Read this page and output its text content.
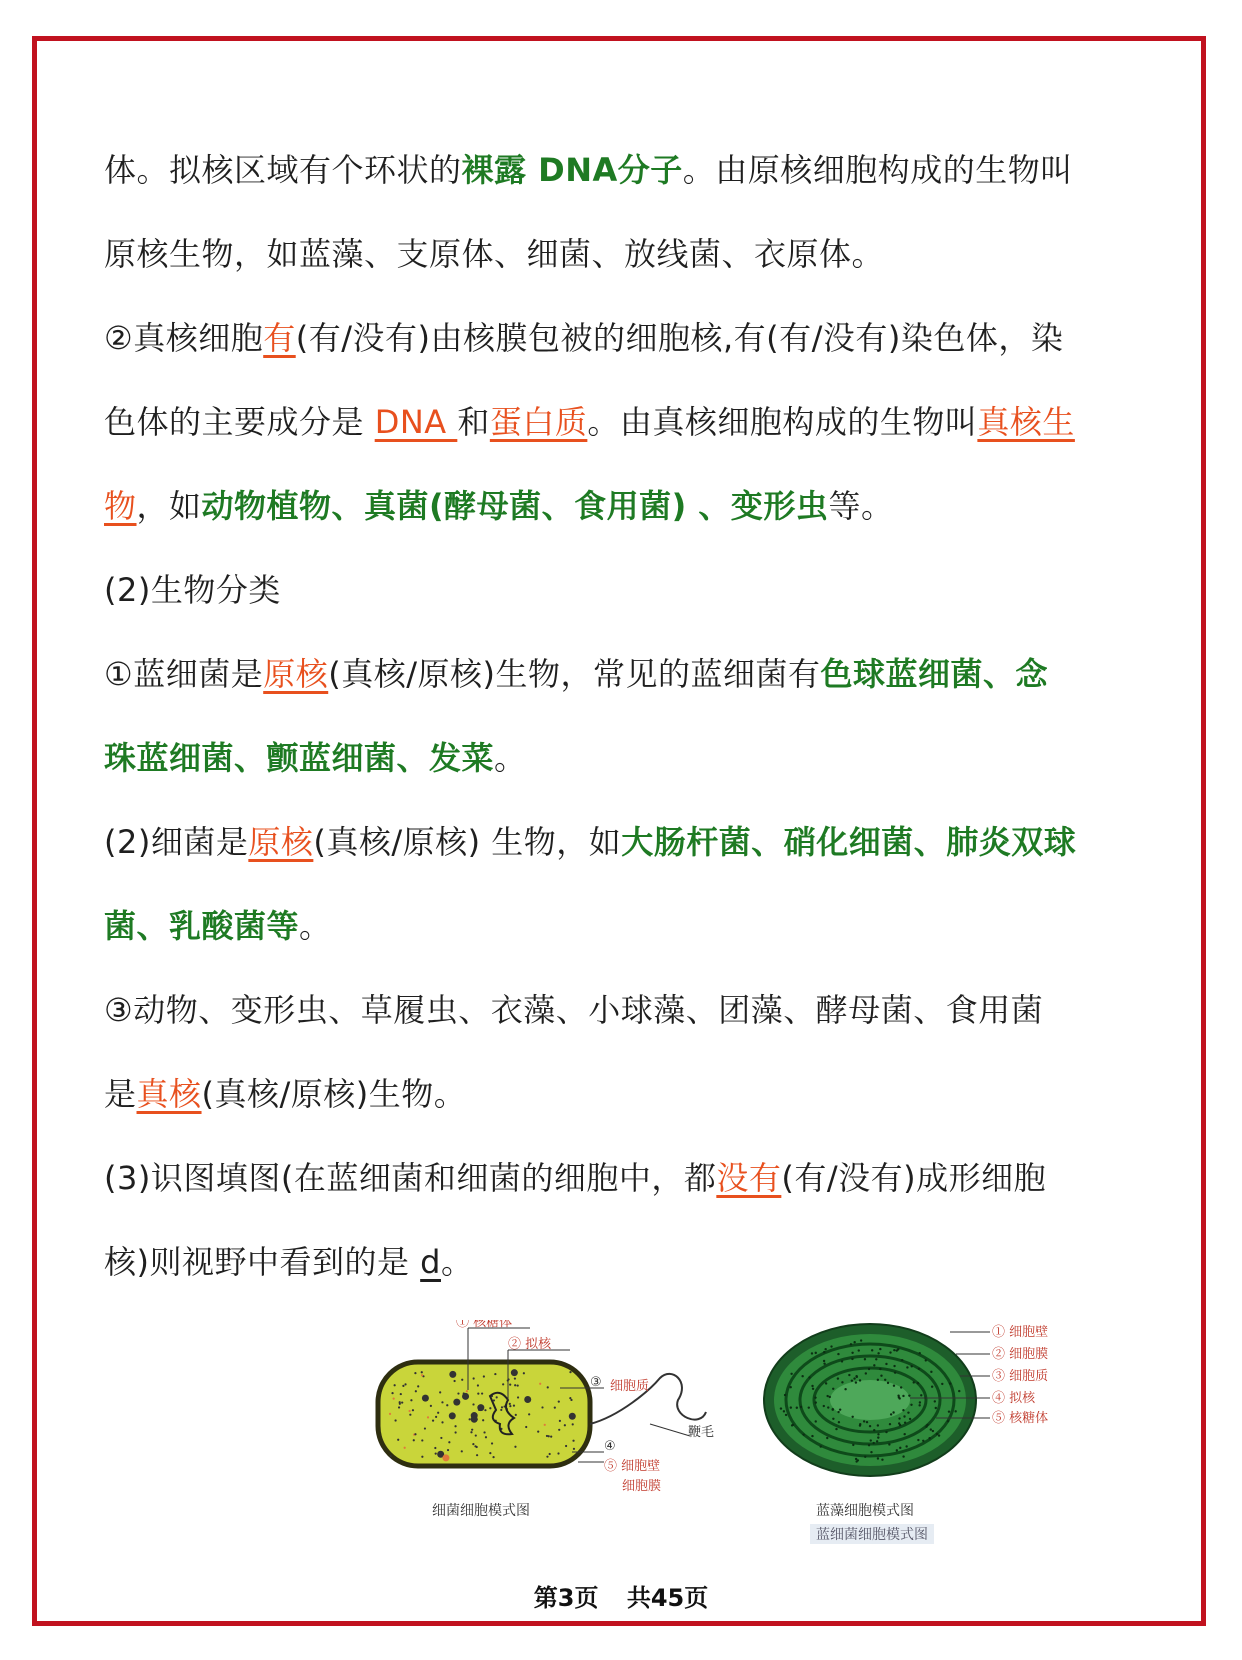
体。拟核区域有个环状的裸露 DNA分子。由原核细胞构成的生物叫
原核生物，如蓝藻、支原体、细菌、放线菌、衣原体。
②真核细胞有(有/没有)由核膜包被的细胞核,有(有/没有)染色体，染
色体的主要成分是 DNA 和蛋白质。由真核细胞构成的生物叫真核生
物，如动物植物、真菌(酵母菌、食用菌) 、变形虫等。
(2)生物分类
①蓝细菌是原核(真核/原核)生物，常见的蓝细菌有色球蓝细菌、念
珠蓝细菌、颤蓝细菌、发菜。
(2)细菌是原核(真核/原核) 生物，如大肠杆菌、硝化细菌、肺炎双球
菌、乳酸菌等。
③动物、变形虫、草履虫、衣藻、小球藻、团藻、酵母菌、食用菌
是真核(真核/原核)生物。
(3)识图填图(在蓝细菌和细菌的细胞中，都没有(有/没有)成形细胞
核)则视野中看到的是 d。
① 核糖体
② 拟核
③ 细胞质
鞭毛
④
⑤ 细胞壁
细胞膜
细菌细胞模式图
① 细胞壁
② 细胞膜
③ 细胞质
④ 拟核
⑤ 核糖体
蓝藻细胞模式图
蓝细菌细胞模式图
第3页 共45页
